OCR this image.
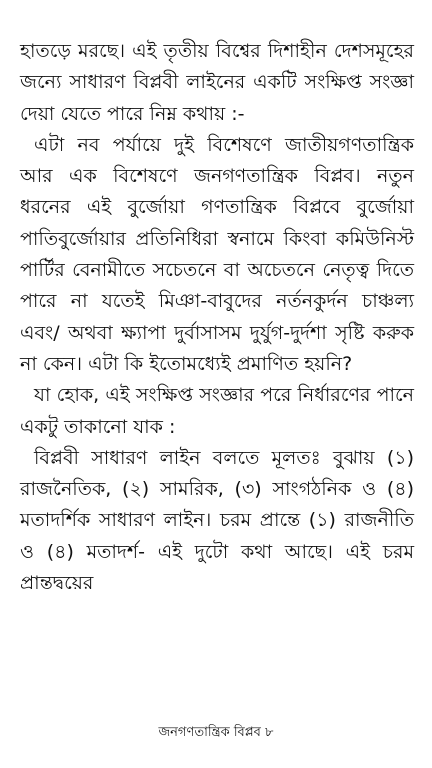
হাতড়ে মরছে। এই তৃতীয় বিশ্বের দিশাহীন দেশসমূহের জন্যে সাধারণ বিপ্লবী লাইনের একটি সংক্ষিপ্ত সংজ্ঞা দেয়া যেতে পারে নিম্ন কথায় :-

এটা নব পর্যায়ে দুই বিশেষণে জাতীয়গণতান্ত্রিক আর এক বিশেষণে জনগণতান্ত্রিক বিপ্লব। নতুন ধরনের এই বুর্জোয়া গণতান্ত্রিক বিপ্লবে বুর্জোয়া পাতিবুর্জোয়ার প্রতিনিধিরা স্বনামে কিংবা কমিউনিস্ট পার্টির বেনামীতে সচেতনে বা অচেতনে নেতৃত্ব দিতে পারে না যতেই মিঞা-বাবুদের নর্তনকুর্দন চাঞ্চল্য এবং/ অথবা ক্ষ্যাপা দুর্বাসাসম দুর্যুগ-দুর্দশা সৃষ্টি করুক না কেন। এটা কি ইতোমধ্যেই প্রমাণিত হয়নি?

যা হোক, এই সংক্ষিপ্ত সংজ্ঞার পরে নির্ধারণের পানে একটু তাকানো যাক :

বিপ্লবী সাধারণ লাইন বলতে মূলতঃ বুঝায় (১) রাজনৈতিক, (২) সামরিক, (৩) সাংগঠনিক ও (৪) মতাদর্শিক সাধারণ লাইন। চরম প্রান্তে (১) রাজনীতি ও (৪) মতাদর্শ- এই দুটো কথা আছে। এই চরম প্রান্তদ্বয়ের

জনগণতান্ত্রিক বিপ্লব ৮
